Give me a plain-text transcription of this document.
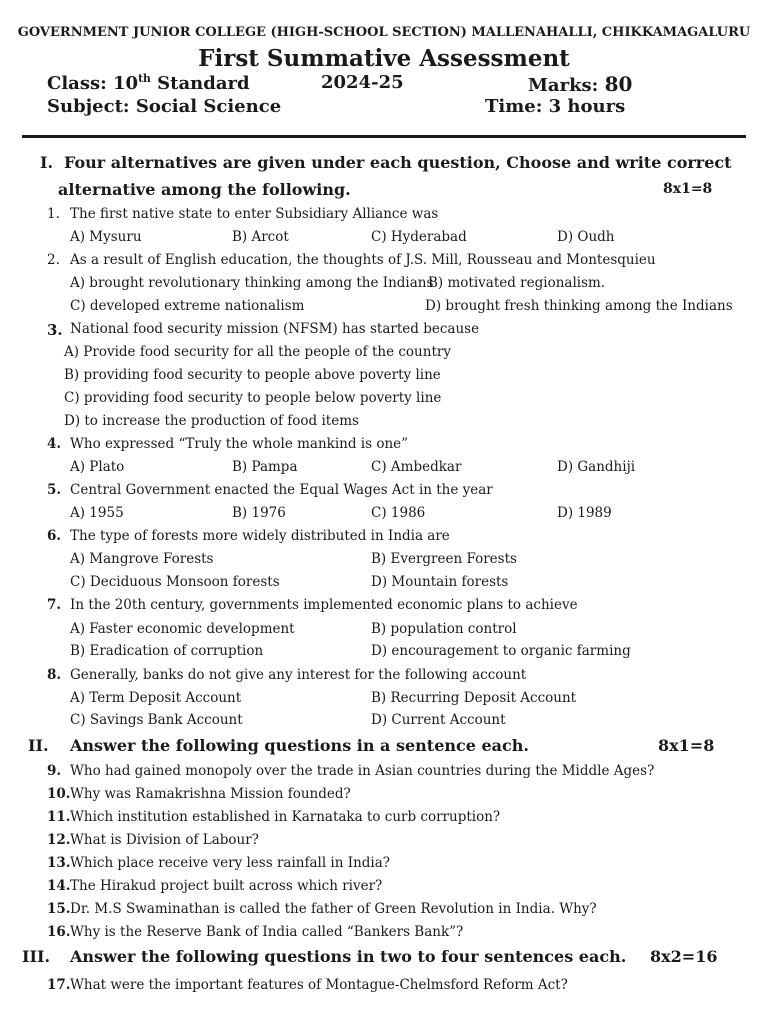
GOVERNMENT JUNIOR COLLEGE (HIGH-SCHOOL SECTION) MALLENAHALLI, CHIKKAMAGALURU
First Summative Assessment
Class: 10th Standard	2024-25	Marks: 80
Subject: Social Science	Time: 3 hours
I. Four alternatives are given under each question, Choose and write correct
alternative among the following.	8x1=8
1. The first native state to enter Subsidiary Alliance was
A) Mysuru	B) Arcot	C) Hyderabad	D) Oudh
2. As a result of English education, the thoughts of J.S. Mill, Rousseau and Montesquieu
A) brought revolutionary thinking among the Indians
B) motivated regionalism.
C) developed extreme nationalism	D) brought fresh thinking among the Indians
3. National food security mission (NFSM) has started because
A) Provide food security for all the people of the country
B) providing food security to people above poverty line
C) providing food security to people below poverty line
D) to increase the production of food items
4. Who expressed “Truly the whole mankind is one”
A) Plato	B) Pampa	C) Ambedkar	D) Gandhiji
5. Central Government enacted the Equal Wages Act in the year
A) 1955	B) 1976	C) 1986	D) 1989
6. The type of forests more widely distributed in India are
A) Mangrove Forests	B) Evergreen Forests
C) Deciduous Monsoon forests	D) Mountain forests
7. In the 20th century, governments implemented economic plans to achieve
A) Faster economic development	B) population control
B) Eradication of corruption	D) encouragement to organic farming
8. Generally, banks do not give any interest for the following account
A) Term Deposit Account	B) Recurring Deposit Account
C) Savings Bank Account	D) Current Account
II. Answer the following questions in a sentence each.	8x1=8
9. Who had gained monopoly over the trade in Asian countries during the Middle Ages?
10. Why was Ramakrishna Mission founded?
11. Which institution established in Karnataka to curb corruption?
12. What is Division of Labour?
13. Which place receive very less rainfall in India?
14. The Hirakud project built across which river?
15. Dr. M.S Swaminathan is called the father of Green Revolution in India. Why?
16. Why is the Reserve Bank of India called “Bankers Bank”?
III. Answer the following questions in two to four sentences each. 8x2=16
17. What were the important features of Montague-Chelmsford Reform Act?
